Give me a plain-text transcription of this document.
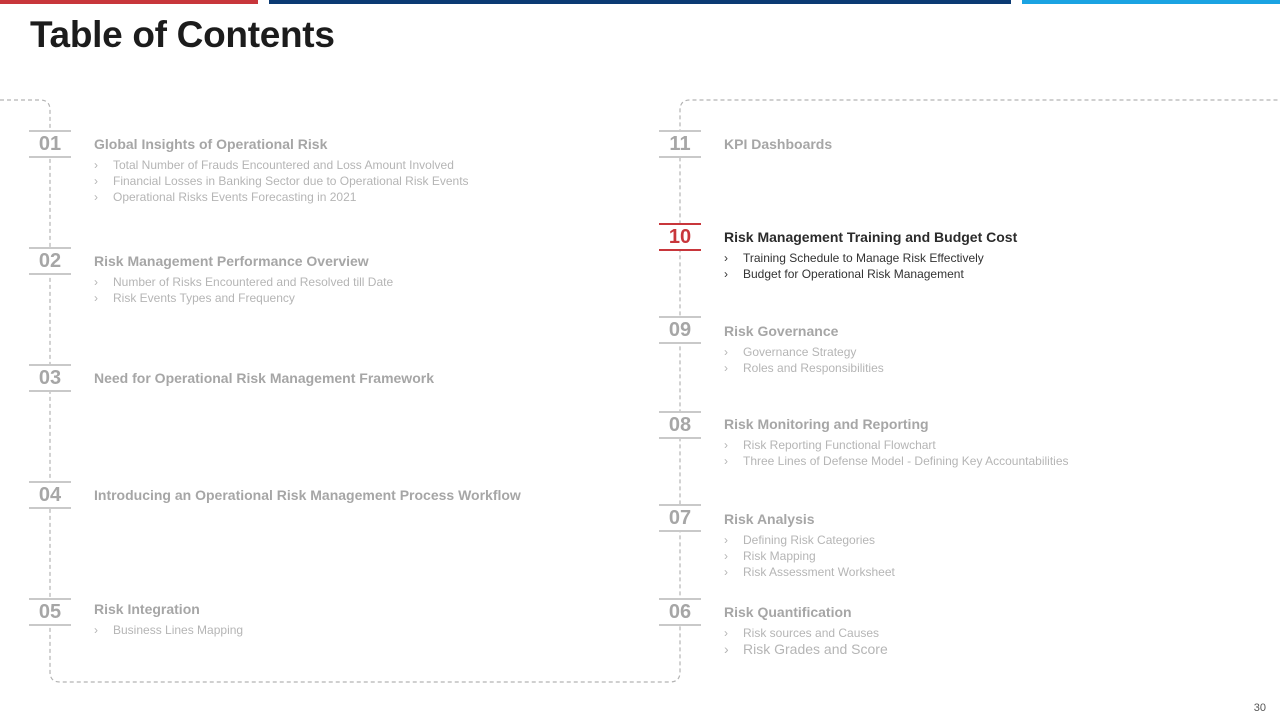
Table of Contents
01	Global Insights of Operational Risk
› Total Number of Frauds Encountered and Loss Amount Involved
› Financial Losses in Banking Sector due to Operational Risk Events
› Operational Risks Events Forecasting in 2021
02	Risk Management Performance Overview
› Number of Risks Encountered and Resolved till Date
› Risk Events Types and Frequency
03	Need for Operational Risk Management Framework
04	Introducing an Operational Risk Management Process Workflow
05	Risk Integration
› Business Lines Mapping
11	KPI Dashboards
10	Risk Management Training and Budget Cost
› Training Schedule to Manage Risk Effectively
› Budget for Operational Risk Management
09	Risk Governance
› Governance Strategy
› Roles and Responsibilities
08	Risk Monitoring and Reporting
› Risk Reporting Functional Flowchart
› Three Lines of Defense Model - Defining Key Accountabilities
07	Risk Analysis
› Defining Risk Categories
› Risk Mapping
› Risk Assessment Worksheet
06	Risk Quantification
› Risk sources and Causes
› Risk Grades and Score
30
